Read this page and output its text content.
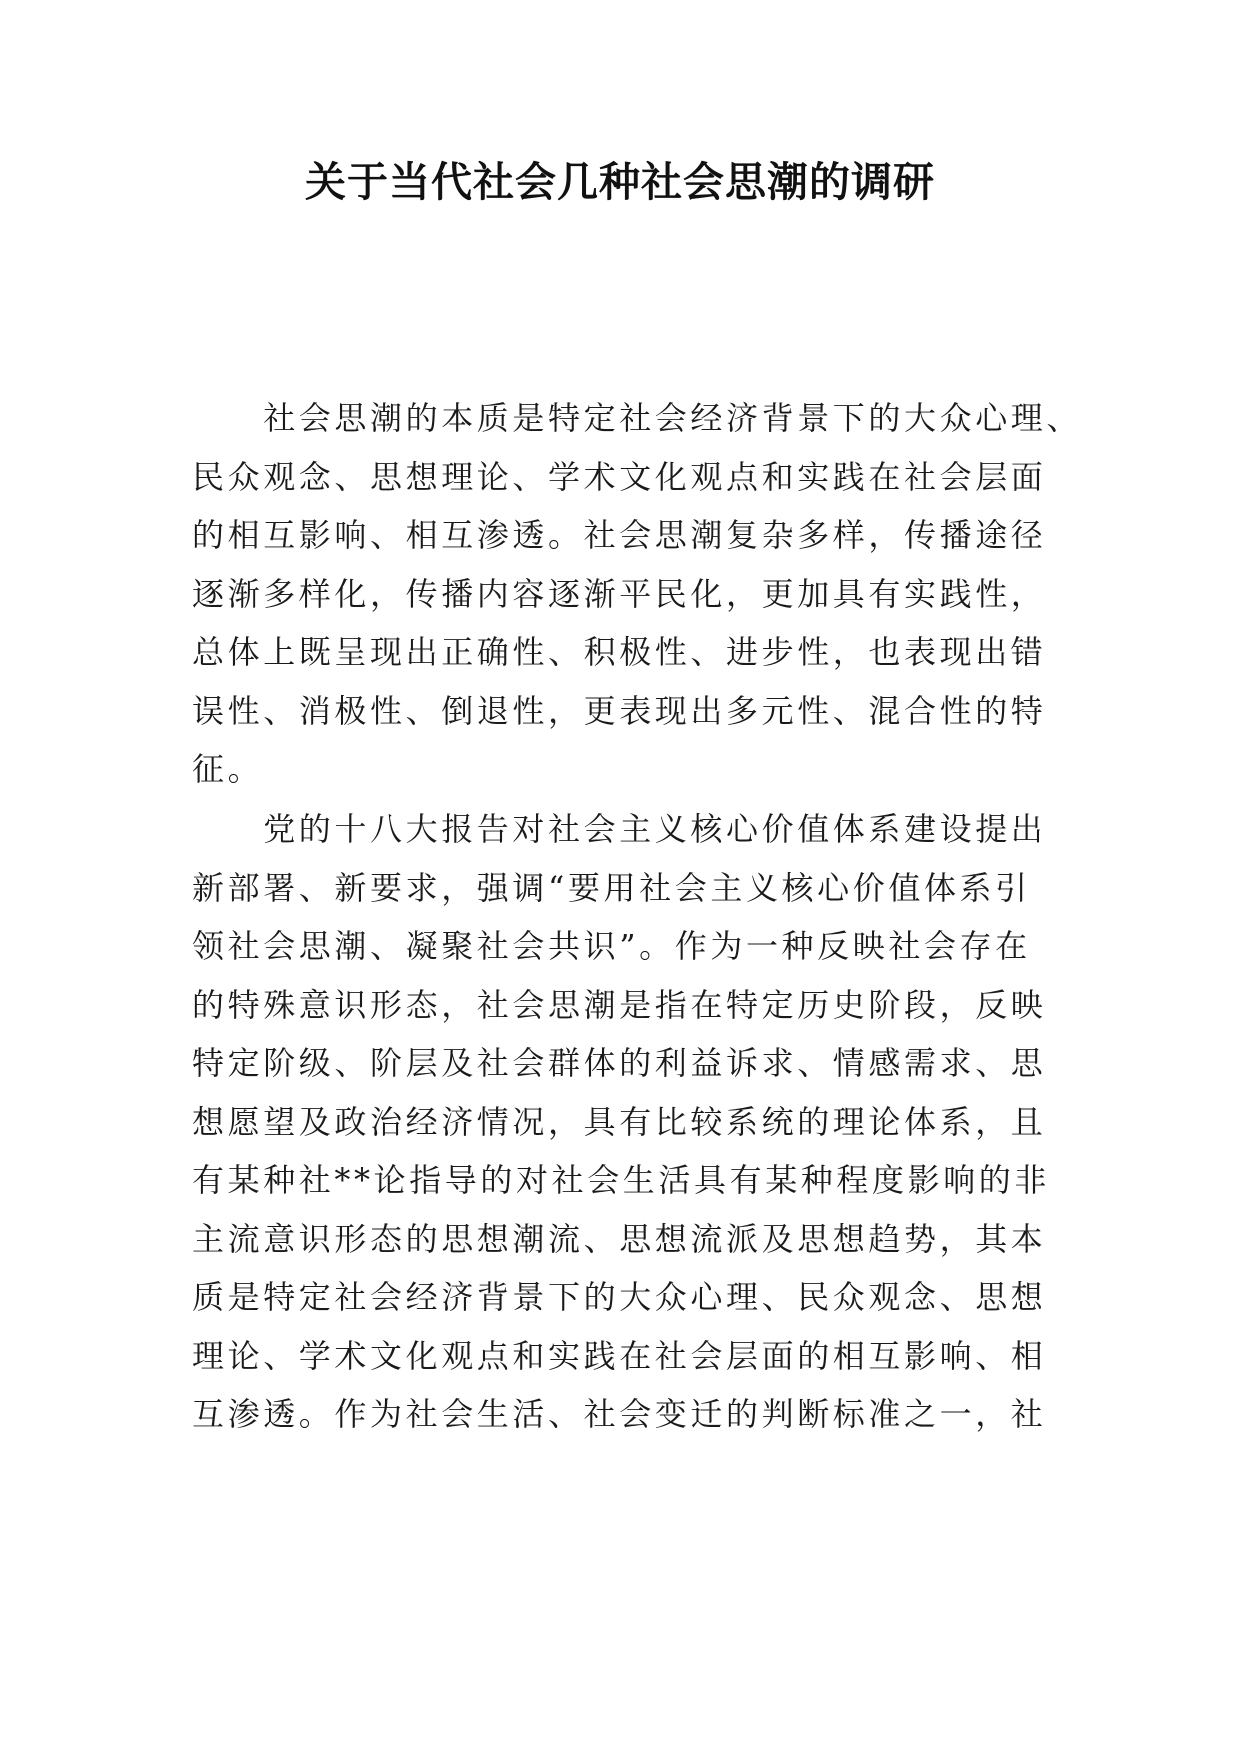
关于当代社会几种社会思潮的调研
　　社会思潮的本质是特定社会经济背景下的大众心理、
民众观念、思想理论、学术文化观点和实践在社会层面
的相互影响、相互渗透。社会思潮复杂多样，传播途径
逐渐多样化，传播内容逐渐平民化，更加具有实践性，
总体上既呈现出正确性、积极性、进步性，也表现出错
误性、消极性、倒退性，更表现出多元性、混合性的特
征。
　　党的十八大报告对社会主义核心价值体系建设提出
新部署、新要求，强调“要用社会主义核心价值体系引
领社会思潮、凝聚社会共识”。作为一种反映社会存在
的特殊意识形态，社会思潮是指在特定历史阶段，反映
特定阶级、阶层及社会群体的利益诉求、情感需求、思
想愿望及政治经济情况，具有比较系统的理论体系，且
有某种社**论指导的对社会生活具有某种程度影响的非
主流意识形态的思想潮流、思想流派及思想趋势，其本
质是特定社会经济背景下的大众心理、民众观念、思想
理论、学术文化观点和实践在社会层面的相互影响、相
互渗透。作为社会生活、社会变迁的判断标准之一，社
